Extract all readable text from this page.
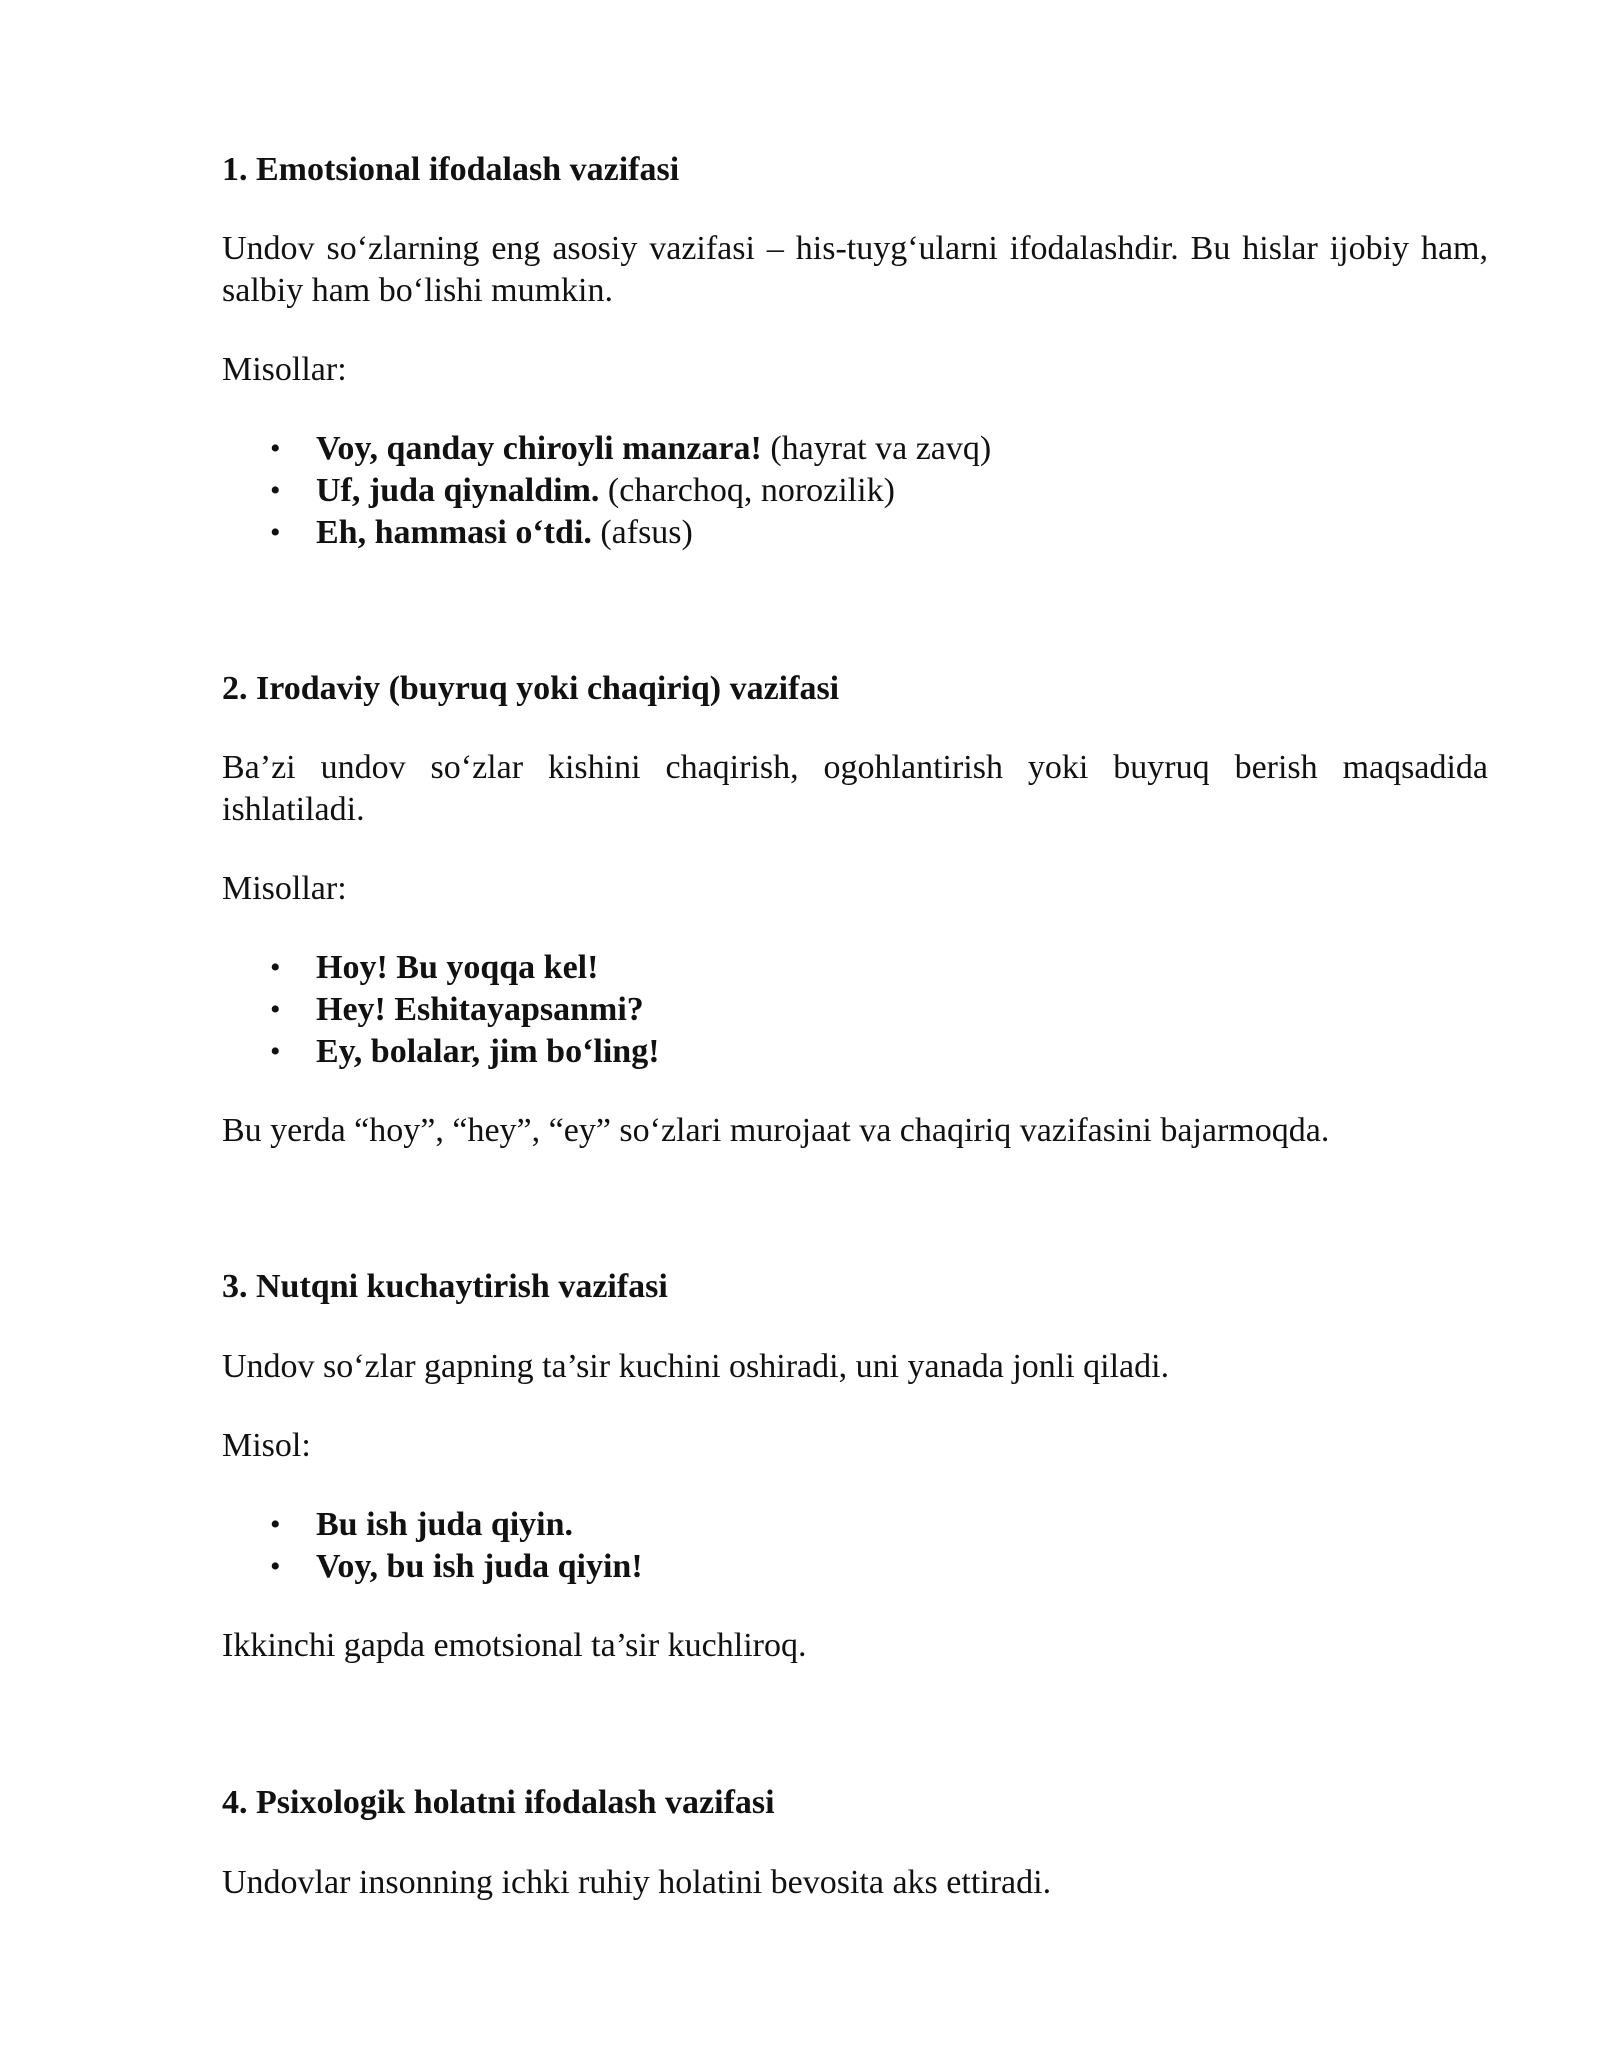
1. Emotsional ifodalash vazifasi

Undov so‘zlarning eng asosiy vazifasi – his-tuyg‘ularni ifodalashdir. Bu hislar ijobiy ham, salbiy ham bo‘lishi mumkin.

Misollar:

• Voy, qanday chiroyli manzara! (hayrat va zavq)
• Uf, juda qiynaldim. (charchoq, norozilik)
• Eh, hammasi o‘tdi. (afsus)
2. Irodaviy (buyruq yoki chaqiriq) vazifasi

Ba’zi undov so‘zlar kishini chaqirish, ogohlantirish yoki buyruq berish maqsadida ishlatiladi.

Misollar:

• Hoy! Bu yoqqa kel!
• Hey! Eshitayapsanmi?
• Ey, bolalar, jim bo‘ling!

Bu yerda “hoy”, “hey”, “ey” so‘zlari murojaat va chaqiriq vazifasini bajarmoqda.

3. Nutqni kuchaytirish vazifasi

Undov so‘zlar gapning ta’sir kuchini oshiradi, uni yanada jonli qiladi.

Misol:

• Bu ish juda qiyin.
• Voy, bu ish juda qiyin!

Ikkinchi gapda emotsional ta’sir kuchliroq.

4. Psixologik holatni ifodalash vazifasi

Undovlar insonning ichki ruhiy holatini bevosita aks ettiradi.
